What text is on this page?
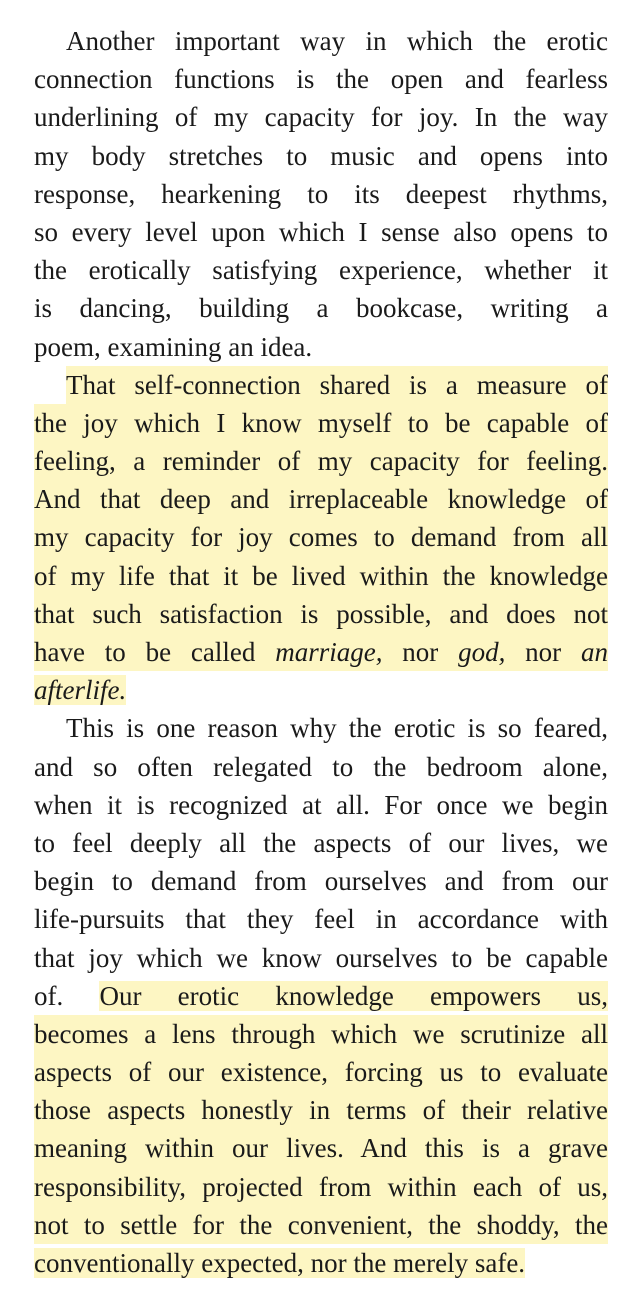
Another important way in which the erotic
connection functions is the open and fearless
underlining of my capacity for joy. In the way
my body stretches to music and opens into
response, hearkening to its deepest rhythms,
so every level upon which I sense also opens to
the erotically satisfying experience, whether it
is dancing, building a bookcase, writing a
poem, examining an idea.
That self-connection shared is a measure of
the joy which I know myself to be capable of
feeling, a reminder of my capacity for feeling.
And that deep and irreplaceable knowledge of
my capacity for joy comes to demand from all
of my life that it be lived within the knowledge
that such satisfaction is possible, and does not
have to be called marriage, nor god, nor an
afterlife.
This is one reason why the erotic is so feared,
and so often relegated to the bedroom alone,
when it is recognized at all. For once we begin
to feel deeply all the aspects of our lives, we
begin to demand from ourselves and from our
life-pursuits that they feel in accordance with
that joy which we know ourselves to be capable
of. Our erotic knowledge empowers us,
becomes a lens through which we scrutinize all
aspects of our existence, forcing us to evaluate
those aspects honestly in terms of their relative
meaning within our lives. And this is a grave
responsibility, projected from within each of us,
not to settle for the convenient, the shoddy, the
conventionally expected, nor the merely safe.
